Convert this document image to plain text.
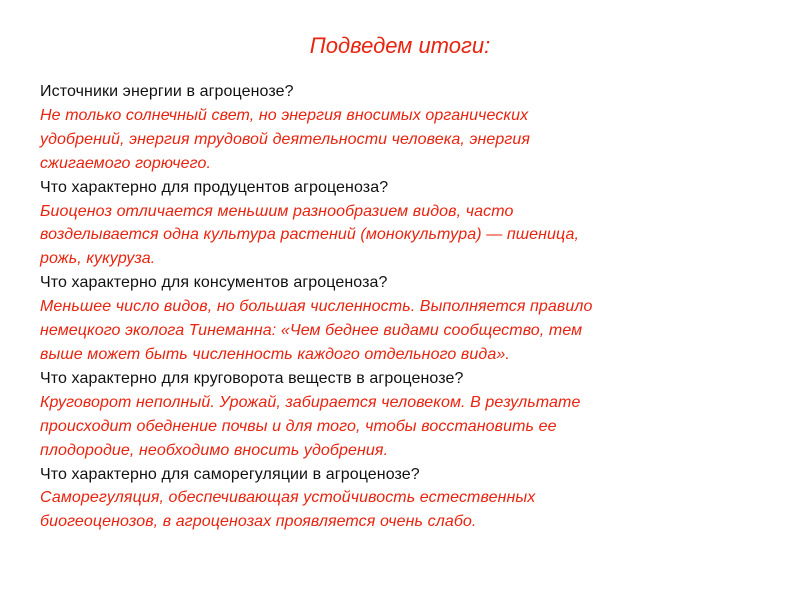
Подведем итоги:
Источники энергии в агроценозе?
Не только солнечный свет, но энергия вносимых органических
удобрений, энергия трудовой деятельности человека, энергия
сжигаемого горючего.
Что характерно для продуцентов агроценоза?
Биоценоз отличается меньшим разнообразием видов, часто
возделывается одна культура растений (монокультура) — пшеница,
рожь, кукуруза.
Что характерно для консументов агроценоза?
Меньшее число видов, но большая численность. Выполняется правило
немецкого эколога Тинеманна: «Чем беднее видами сообщество, тем
выше может быть численность каждого отдельного вида».
Что характерно для круговорота веществ в агроценозе?
Круговорот неполный. Урожай, забирается человеком. В результате
происходит обеднение почвы и для того, чтобы восстановить ее
плодородие, необходимо вносить удобрения.
Что характерно для саморегуляции в агроценозе?
Саморегуляция, обеспечивающая устойчивость естественных
биогеоценозов, в агроценозах проявляется очень слабо.
